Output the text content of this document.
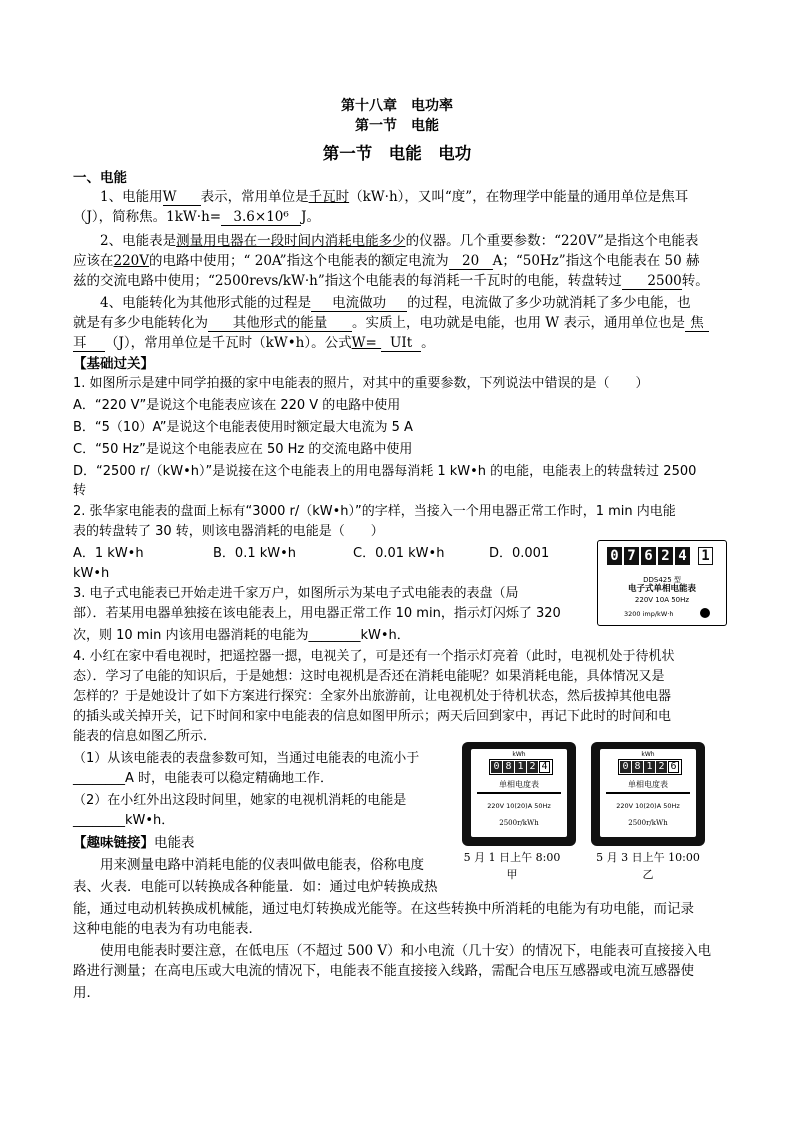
第十八章　电功率
第一节　电能
第一节　电能　电功
一、电能
1、电能用W表示，常用单位是千瓦时（kW·h），又叫“度”，在物理学中能量的通用单位是焦耳
（J），简称焦。1kW·h=3.6×10⁶J。
2、电能表是测量用电器在一段时间内消耗电能多少的仪器。几个重要参数：“220V”是指这个电能表
应该在220V的电路中使用；“ 20A”指这个电能表的额定电流为20A；“50Hz”指这个电能表在 50 赫
兹的交流电路中使用；“2500revs/kW·h”指这个电能表的每消耗一千瓦时的电能，转盘转过2500转。
4、电能转化为其他形式能的过程是 电流做功 的过程，电流做了多少功就消耗了多少电能，也
就是有多少电能转化为 其他形式的能量 。实质上，电功就是电能，也用 W 表示，通用单位也是 焦
耳 （J），常用单位是千瓦时（kW•h）。公式W= UIt 。
【基础过关】
1. 如图所示是建中同学拍摄的家中电能表的照片，对其中的重要参数，下列说法中错误的是（　　）
A．“220 V”是说这个电能表应该在 220 V 的电路中使用
B．“5（10）A”是说这个电能表使用时额定最大电流为 5 A
C．“50 Hz”是说这个电能表应在 50 Hz 的交流电路中使用
D．“2500 r/（kW•h）”是说接在这个电能表上的用电器每消耗 1 kW•h 的电能，电能表上的转盘转过 2500
转
2. 张华家电能表的盘面上标有“3000 r/（kW•h）”的字样，当接入一个用电器正常工作时，1 min 内电能
表的转盘转了 30 转，则该电器消耗的电能是（　　）
A．1 kW•h	B．0.1 kW•h	C．0.01 kW•h	D．0.001
kW•h
3. 电子式电能表已开始走进千家万户，如图所示为某电子式电能表的表盘（局
部）．若某用电器单独接在该电能表上，用电器正常工作 10 min，指示灯闪烁了 320
次，则 10 min 内该用电器消耗的电能为________kW•h．
4. 小红在家中看电视时，把遥控器一摁，电视关了，可是还有一个指示灯亮着（此时，电视机处于待机状
态）．学习了电能的知识后，于是她想：这时电视机是否还在消耗电能呢？如果消耗电能，具体情况又是
怎样的？于是她设计了如下方案进行探究：全家外出旅游前，让电视机处于待机状态，然后拔掉其他电器
的插头或关掉开关，记下时间和家中电能表的信息如图甲所示；两天后回到家中，再记下此时的时间和电
能表的信息如图乙所示．
（1）从该电能表的表盘参数可知，当通过电能表的电流小于
________A 时，电能表可以稳定精确地工作．
（2）在小红外出这段时间里，她家的电视机消耗的电能是
________kW•h．
【趣味链接】电能表
用来测量电路中消耗电能的仪表叫做电能表，俗称电度
表、火表．电能可以转换成各种能量．如：通过电炉转换成热
能，通过电动机转换成机械能，通过电灯转换成光能等。在这些转换中所消耗的电能为有功电能，而记录
这种电能的电表为有功电能表．
使用电能表时要注意，在低电压（不超过 500 V）和小电流（几十安）的情况下，电能表可直接接入电
路进行测量；在高电压或大电流的情况下，电能表不能直接接入线路，需配合电压互感器或电流互感器使
用．
0 7 6 2 4 1
DDS425 型
电子式单相电能表
220V 10A 50Hz
3200 imp/kW·h
kWh
0 8 1 2 4
单相电度表
220V 10(20)A 50Hz
2500r/kWh
5 月 1 日上午 8:00
甲
kWh
0 8 1 2 6
单相电度表
220V 10(20)A 50Hz
2500r/kWh
5 月 3 日上午 10:00
乙
